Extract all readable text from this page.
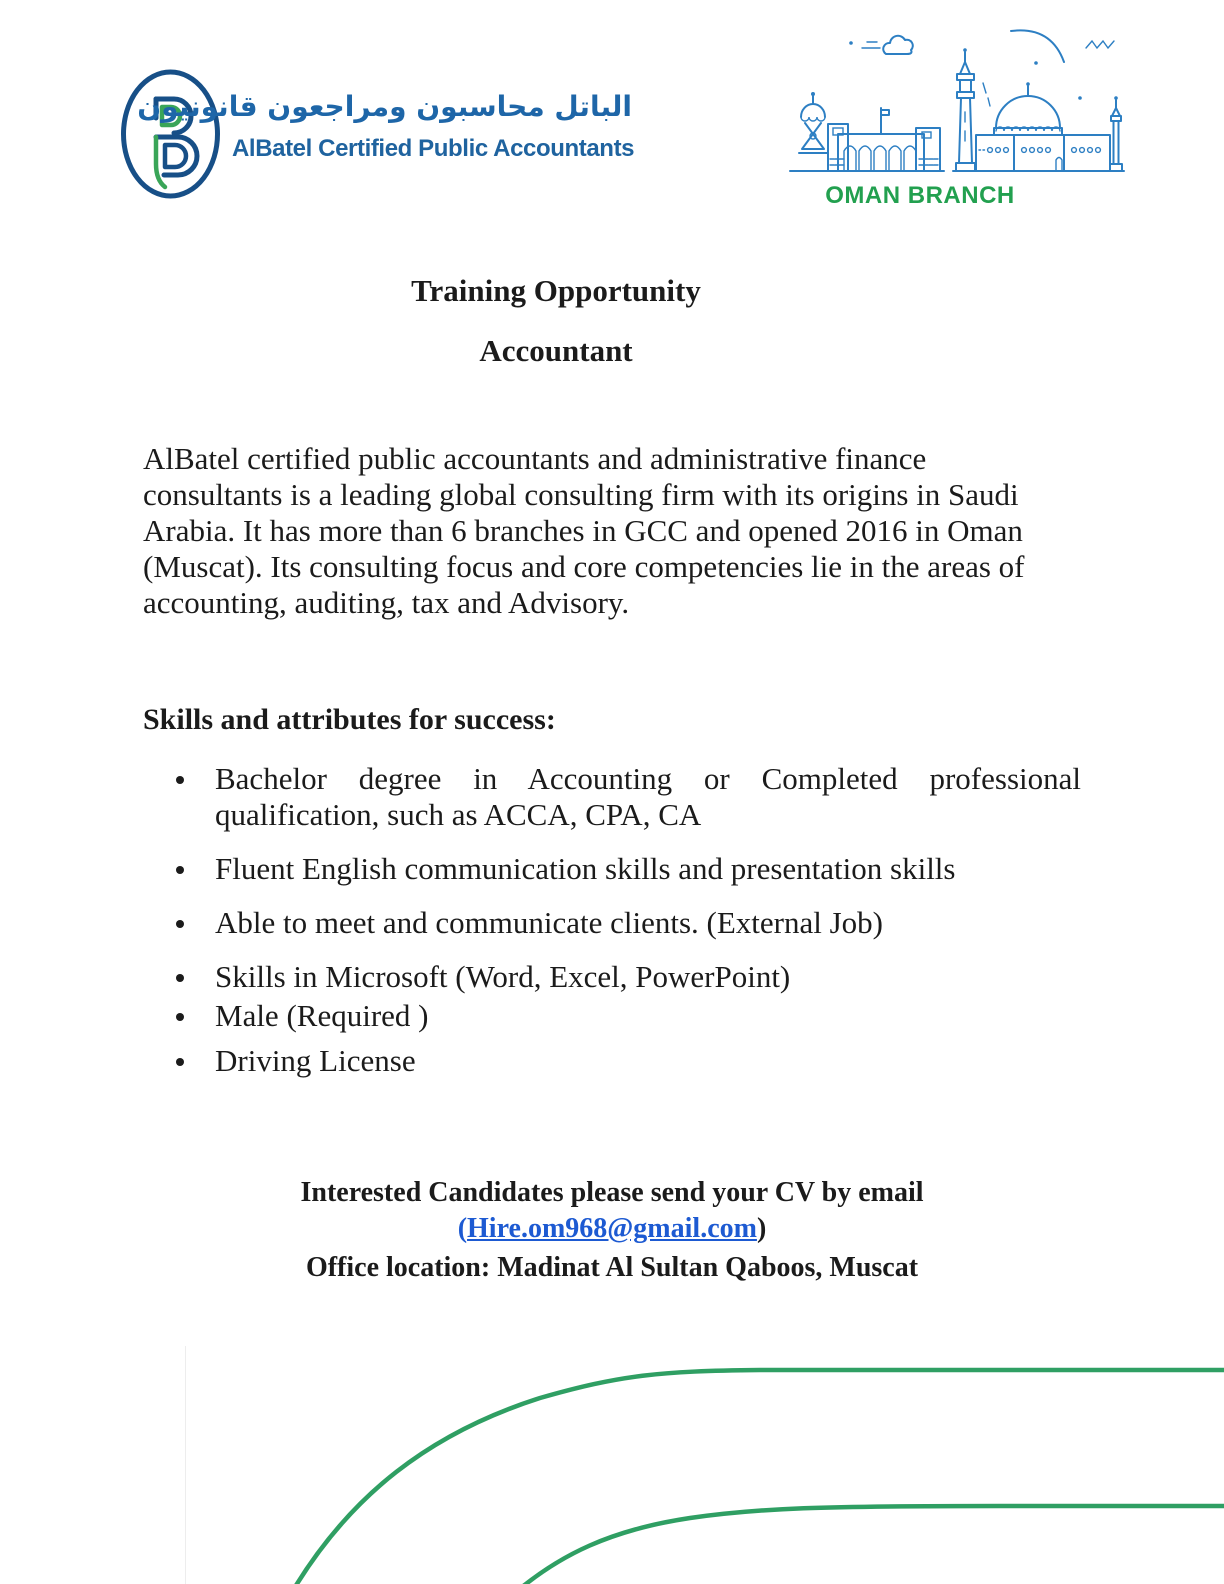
الباتل محاسبون ومراجعون قانونيون
AlBatel Certified Public Accountants
OMAN BRANCH
Training Opportunity
Accountant
AlBatel certified public accountants and administrative finance
consultants is a leading global consulting firm with its origins in Saudi
Arabia. It has more than 6 branches in GCC and opened 2016 in Oman
(Muscat). Its consulting focus and core competencies lie in the areas of
accounting, auditing, tax and Advisory.
Skills and attributes for success:
Bachelor degree in Accounting or Completed professional
qualification, such as ACCA, CPA, CA
Fluent English communication skills and presentation skills
Able to meet and communicate clients. (External Job)
Skills in Microsoft (Word, Excel, PowerPoint)
Male (Required )
Driving License
Interested Candidates please send your CV by email
(Hire.om968@gmail.com)
Office location: Madinat Al Sultan Qaboos, Muscat
